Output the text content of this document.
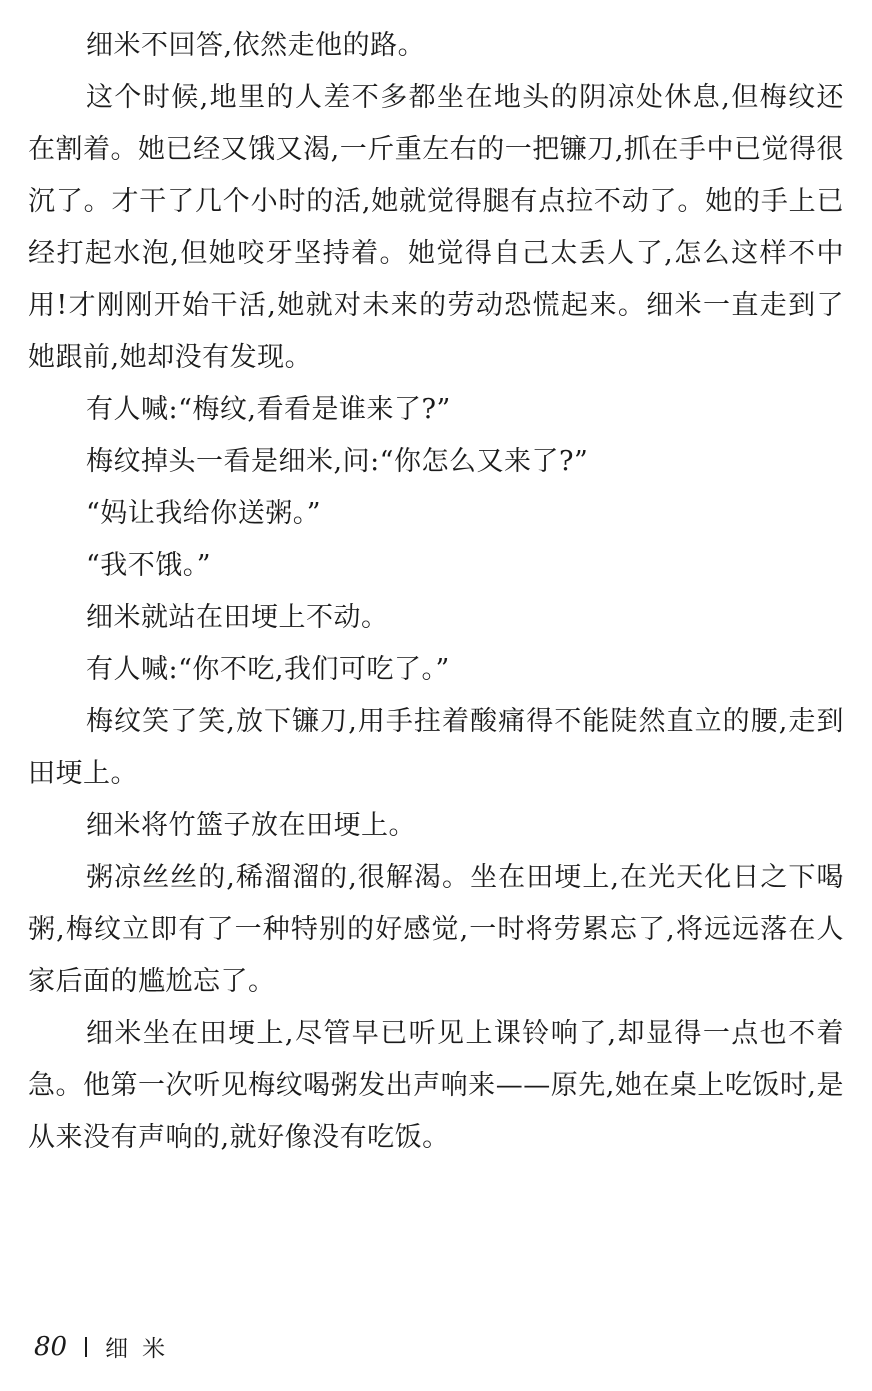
细米不回答,依然走他的路。

这个时候,地里的人差不多都坐在地头的阴凉处休息,但梅纹还在割着。她已经又饿又渴,一斤重左右的一把镰刀,抓在手中已觉得很沉了。才干了几个小时的活,她就觉得腿有点拉不动了。她的手上已经打起水泡,但她咬牙坚持着。她觉得自己太丢人了,怎么这样不中用!才刚刚开始干活,她就对未来的劳动恐慌起来。细米一直走到了她跟前,她却没有发现。

有人喊:“梅纹,看看是谁来了?”

梅纹掉头一看是细米,问:“你怎么又来了?”

“妈让我给你送粥。”

“我不饿。”

细米就站在田埂上不动。

有人喊:“你不吃,我们可吃了。”

梅纹笑了笑,放下镰刀,用手拄着酸痛得不能陡然直立的腰,走到田埂上。

细米将竹篮子放在田埂上。

粥凉丝丝的,稀溜溜的,很解渴。坐在田埂上,在光天化日之下喝粥,梅纹立即有了一种特别的好感觉,一时将劳累忘了,将远远落在人家后面的尴尬忘了。

细米坐在田埂上,尽管早已听见上课铃响了,却显得一点也不着急。他第一次听见梅纹喝粥发出声响来——原先,她在桌上吃饭时,是从来没有声响的,就好像没有吃饭。

80 细米
